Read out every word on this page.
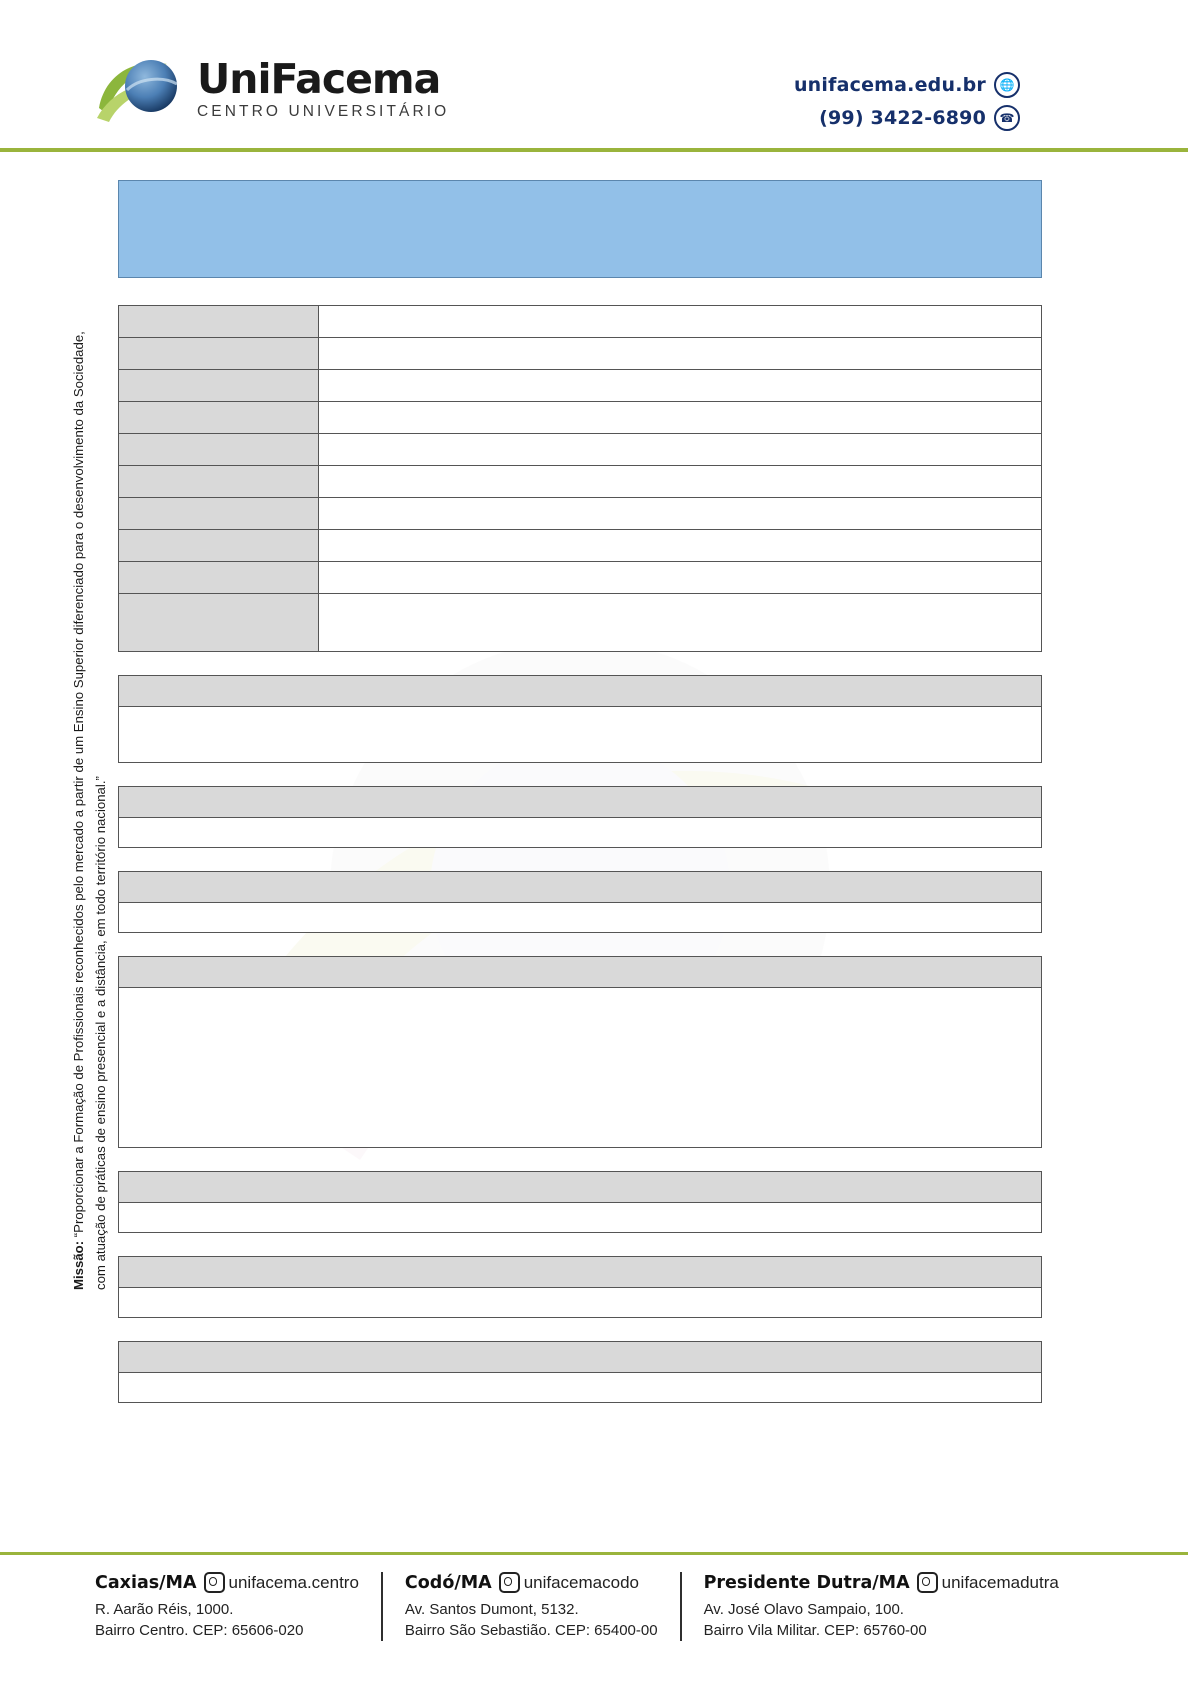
UniFacema
CENTRO UNIVERSITÁRIO
unifacema.edu.br	🌐
(99) 3422-6890	☎
Missão: “Proporcionar a Formação de Profissionais reconhecidos pelo mercado a partir de um Ensino Superior diferenciado para o desenvolvimento da Sociedade, com atuação de práticas de ensino presencial e a distância, em todo território nacional.”

Caxias/MA unifacema.centro
R. Aarão Réis, 1000.
Bairro Centro. CEP: 65606-020
Codó/MA unifacemacodo
Av. Santos Dumont, 5132.
Bairro São Sebastião. CEP: 65400-00
Presidente Dutra/MA unifacemadutra
Av. José Olavo Sampaio, 100.
Bairro Vila Militar. CEP: 65760-00
